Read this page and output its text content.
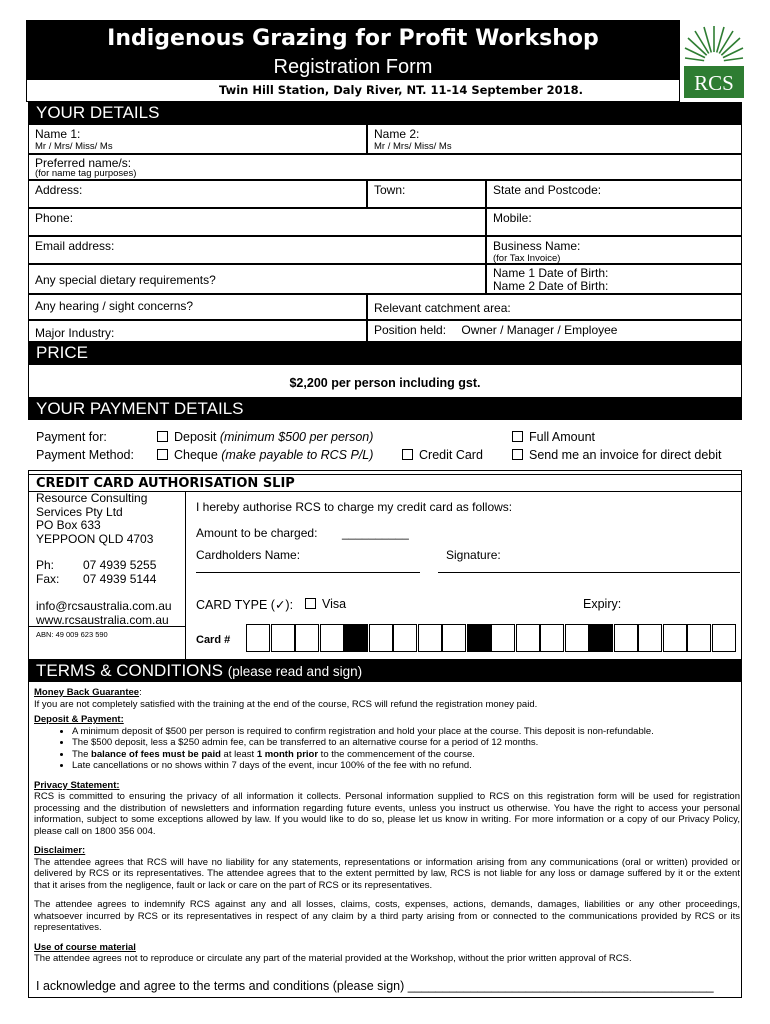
Indigenous Grazing for Profit Workshop
Registration Form
Twin Hill Station, Daly River, NT. 11-14 September 2018.	RCS
YOUR DETAILS
Name 1:
Mr / Mrs/ Miss/ Ms
Name 2:
Mr / Mrs/ Miss/ Ms
Preferred name/s:
(for name tag purposes)
Address:	Town:	State and Postcode:
Phone:	Mobile:
Email address:	Business Name:
(for Tax Invoice)
Any special dietary requirements?	Name 1 Date of Birth:
Name 2 Date of Birth:
Any hearing / sight concerns?	Relevant catchment area:
Major Industry:	Position held: Owner / Manager / Employee
PRICE
$2,200 per person including gst.
YOUR PAYMENT DETAILS
Payment for:	Deposit (minimum $500 per person)	Full Amount
Payment Method:	Cheque (make payable to RCS P/L)	Credit Card	Send me an invoice for direct debit
CREDIT CARD AUTHORISATION SLIP
Resource Consulting
Services Pty Ltd
PO Box 633
YEPPOON QLD 4703
Ph: 07 4939 5255
Fax: 07 4939 5144
info@rcsaustralia.com.au
www.rcsaustralia.com.au
ABN: 49 009 623 590
I hereby authorise RCS to charge my credit card as follows:
Amount to be charged: __________
Cardholders Name:	Signature:
CARD TYPE (✓):	Visa	Expiry:
Card #
TERMS & CONDITIONS (please read and sign)
Money Back Guarantee:
If you are not completely satisfied with the training at the end of the course, RCS will refund the registration money paid.
Deposit & Payment:
• A minimum deposit of $500 per person is required to confirm registration and hold your place at the course. This deposit is non-refundable.
• The $500 deposit, less a $250 admin fee, can be transferred to an alternative course for a period of 12 months.
• The balance of fees must be paid at least 1 month prior to the commencement of the course.
• Late cancellations or no shows within 7 days of the event, incur 100% of the fee with no refund.
Privacy Statement:
RCS is committed to ensuring the privacy of all information it collects. Personal information supplied to RCS on this registration form will be used for registration processing and the distribution of newsletters and information regarding future events, unless you instruct us otherwise. You have the right to access your personal information, subject to some exceptions allowed by law. If you would like to do so, please let us know in writing. For more information or a copy of our Privacy Policy, please call on 1800 356 004.
Disclaimer:
The attendee agrees that RCS will have no liability for any statements, representations or information arising from any communications (oral or written) provided or delivered by RCS or its representatives. The attendee agrees that to the extent permitted by law, RCS is not liable for any loss or damage suffered by it or the extent that it arises from the negligence, fault or lack or care on the part of RCS or its representatives.
The attendee agrees to indemnify RCS against any and all losses, claims, costs, expenses, actions, demands, damages, liabilities or any other proceedings, whatsoever incurred by RCS or its representatives in respect of any claim by a third party arising from or connected to the communications provided by RCS or its representatives.
Use of course material
The attendee agrees not to reproduce or circulate any part of the material provided at the Workshop, without the prior written approval of RCS.
I acknowledge and agree to the terms and conditions (please sign) ____________________________________________
